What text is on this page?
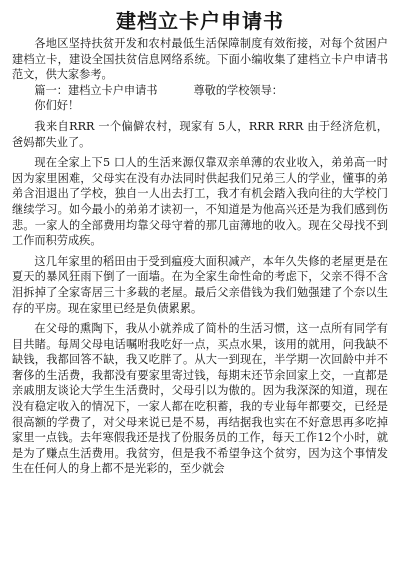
建档立卡户申请书

各地区坚持扶贫开发和农村最低生活保障制度有效衔接，对每个贫困户建档立卡，建设全国扶贫信息网络系统。下面小编收集了建档立卡户申请书范文，供大家参考。

篇一：建档立卡户申请书	尊敬的学校领导：

你们好！

我来自RRR 一个偏僻农村，现家有 5人，RRR RRR 由于经济危机，爸妈都失业了。

现在全家上下5 口人的生活来源仅靠双亲单薄的农业收入，弟弟高一时因为家里困难，父母实在没有办法同时供起我们兄弟三人的学业，懂事的弟弟含泪退出了学校，独自一人出去打工，我才有机会踏入我向往的大学校门继续学习。如今最小的弟弟才读初一，不知道是为他高兴还是为我们感到伤悲。一家人的全部费用均靠父母守着的那几亩薄地的收入。现在父母找不到工作而积劳成疾。

这几年家里的稻田由于受到瘟疫大面积减产，本年久失修的老屋更是在夏天的暴风狂雨下倒了一面墙。在为全家生命性命的考虑下，父亲不得不含泪拆掉了全家寄居三十多载的老屋。最后父亲借钱为我们勉强建了个奈以生存的平房。现在家里已经是负债累累。

在父母的熏陶下，我从小就养成了简朴的生活习惯，这一点所有同学有目共睹。每周父母电话嘱咐我吃好一点，买点水果，该用的就用，问我缺不缺钱，我都回答不缺，我又吃胖了。从大一到现在，半学期一次回龄中并不奢侈的生活费，我都没有要家里寄过钱，每期末还节余回家上交，一直都是亲戚朋友谈论大学生生活费时，父母引以为傲的。因为我深深的知道，现在没有稳定收入的情况下，一家人都在吃积蓄，我的专业每年都要交，已经是很高额的学费了，对父母来说已是不易，再结据我也实在不好意思再多吃掉家里一点钱。去年寒假我还是找了份服务员的工作，每天工作12个小时，就是为了赚点生活费用。我贫穷，但是我不希望争这个贫穷，因为这个事情发生在任何人的身上都不是光彩的，至少就会
